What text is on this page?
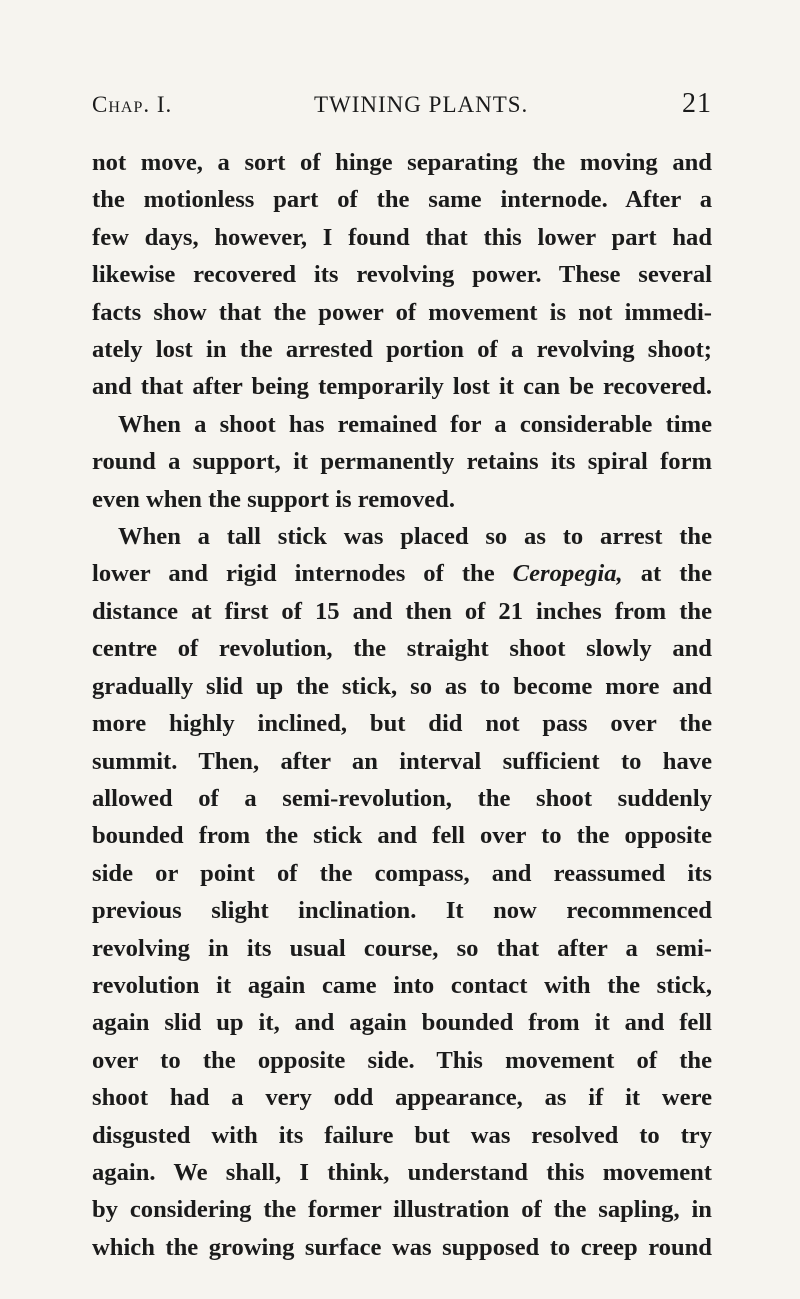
Chap. I.	TWINING PLANTS.	21

not move, a sort of hinge separating the moving and
the motionless part of the same internode. After a
few days, however, I found that this lower part had
likewise recovered its revolving power. These several
facts show that the power of movement is not immedi-
ately lost in the arrested portion of a revolving shoot;
and that after being temporarily lost it can be recovered.
When a shoot has remained for a considerable time
round a support, it permanently retains its spiral form
even when the support is removed.

When a tall stick was placed so as to arrest the
lower and rigid internodes of the Ceropegia, at the
distance at first of 15 and then of 21 inches from the
centre of revolution, the straight shoot slowly and
gradually slid up the stick, so as to become more and
more highly inclined, but did not pass over the
summit. Then, after an interval sufficient to have
allowed of a semi-revolution, the shoot suddenly
bounded from the stick and fell over to the opposite
side or point of the compass, and reassumed its
previous slight inclination. It now recommenced
revolving in its usual course, so that after a semi-
revolution it again came into contact with the stick,
again slid up it, and again bounded from it and fell
over to the opposite side. This movement of the
shoot had a very odd appearance, as if it were
disgusted with its failure but was resolved to try
again. We shall, I think, understand this movement
by considering the former illustration of the sapling, in
which the growing surface was supposed to creep round
